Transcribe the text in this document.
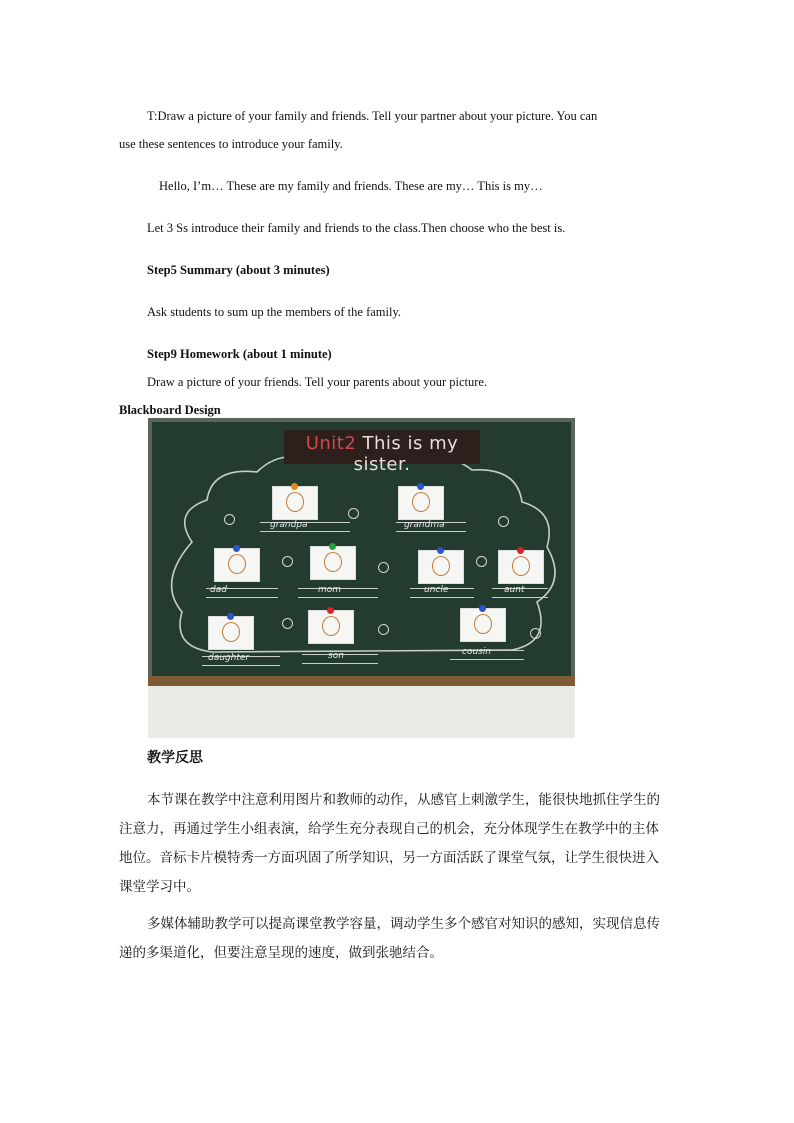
T:Draw a picture of your family and friends. Tell your partner about your picture. You can
use these sentences to introduce your family.
Hello, I’m… These are my family and friends. These are my… This is my…
Let 3 Ss introduce their family and friends to the class.Then choose who the best is.
Step5 Summary (about 3 minutes)
Ask students to sum up the members of the family.
Step9 Homework (about 1 minute)
Draw a picture of your friends. Tell your parents about your picture.
Blackboard Design
Unit2 This is my sister.
grandpa	grandma
dad	mom	uncle	aunt
daughter	son	cousin
教学反思

本节课在教学中注意利用图片和教师的动作，从感官上刺激学生，能很快地抓住学生的注意力，再通过学生小组表演，给学生充分表现自己的机会，充分体现学生在教学中的主体地位。音标卡片模特秀一方面巩固了所学知识，另一方面活跃了课堂气氛，让学生很快进入课堂学习中。

多媒体辅助教学可以提高课堂教学容量，调动学生多个感官对知识的感知，实现信息传递的多渠道化，但要注意呈现的速度，做到张驰结合。
